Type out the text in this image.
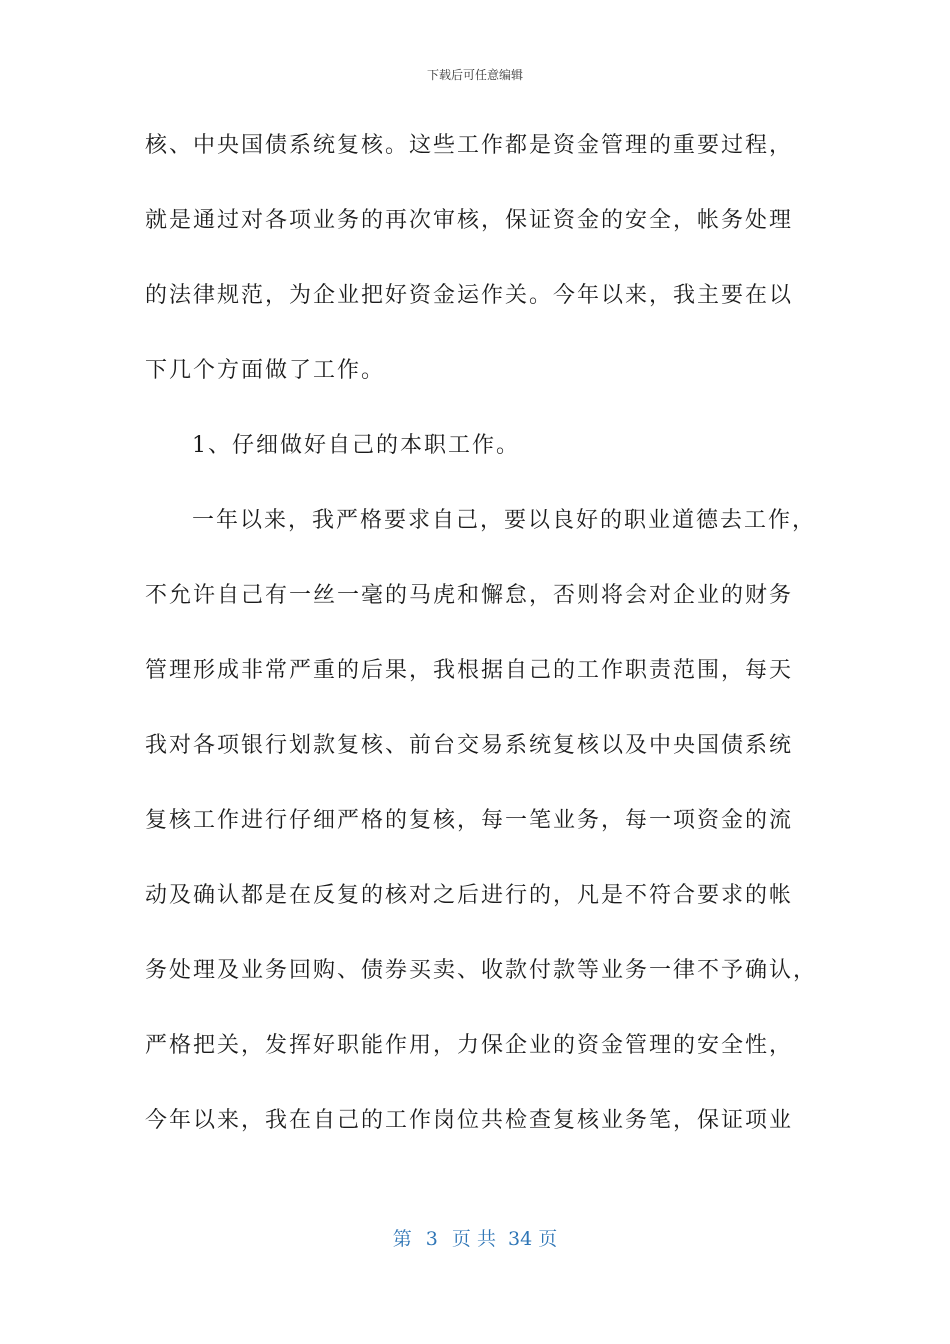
下载后可任意编辑
核、中央国债系统复核。这些工作都是资金管理的重要过程，
就是通过对各项业务的再次审核，保证资金的安全，帐务处理
的法律规范，为企业把好资金运作关。今年以来，我主要在以
下几个方面做了工作。
1、仔细做好自己的本职工作。
一年以来，我严格要求自己，要以良好的职业道德去工作，
不允许自己有一丝一毫的马虎和懈怠，否则将会对企业的财务
管理形成非常严重的后果，我根据自己的工作职责范围，每天
我对各项银行划款复核、前台交易系统复核以及中央国债系统
复核工作进行仔细严格的复核，每一笔业务，每一项资金的流
动及确认都是在反复的核对之后进行的，凡是不符合要求的帐
务处理及业务回购、债券买卖、收款付款等业务一律不予确认，
严格把关，发挥好职能作用，力保企业的资金管理的安全性，
今年以来，我在自己的工作岗位共检查复核业务笔，保证项业
第 3 页 共 34 页
